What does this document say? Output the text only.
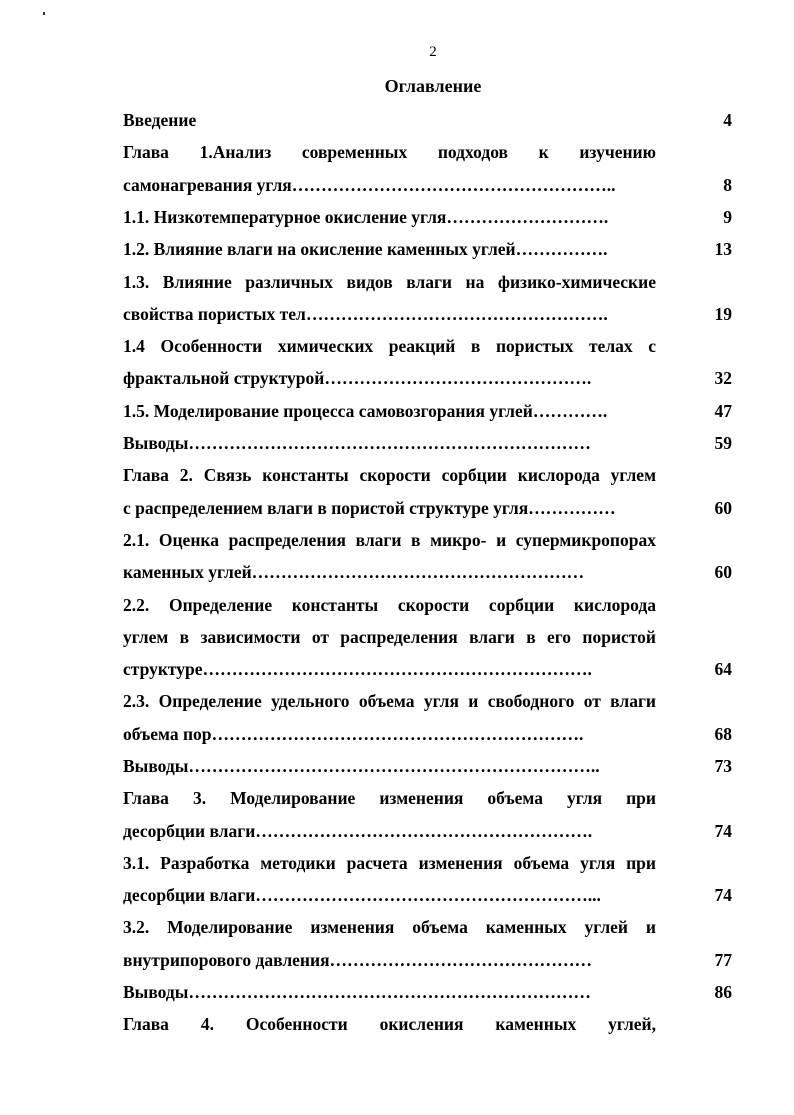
2
Оглавление
Введение	4
Глава 1.Анализ современных подходов к изучению
самонагревания угля………………………………………………..	8
1.1. Низкотемпературное окисление угля……………………….	9
1.2. Влияние влаги на окисление каменных углей…………….	13
1.3. Влияние различных видов влаги на физико-химические
свойства пористых тел…………………………………………….	19
1.4 Особенности химических реакций в пористых телах с
фрактальной структурой……………………………………….	32
1.5. Моделирование процесса самовозгорания углей………….	47
Выводы……………………………………………………………	59
Глава 2. Связь константы скорости сорбции кислорода углем
с распределением влаги в пористой структуре угля……………	60
2.1. Оценка распределения влаги в микро- и супермикропорах
каменных углей…………………………………………………	60
2.2. Определение константы скорости сорбции кислорода
углем в зависимости от распределения влаги в его пористой
структуре………………………………………………………….	64
2.3. Определение удельного объема угля и свободного от влаги
объема пор……………………………………………………….	68
Выводы……………………………………………………………..	73
Глава 3. Моделирование изменения объема угля при
десорбции влаги………………………………………………….	74
3.1. Разработка методики расчета изменения объема угля при
десорбции влаги…………………………………………………...	74
3.2. Моделирование изменения объема каменных углей и
внутрипорового давления………………………………………	77
Выводы……………………………………………………………	86
Глава 4. Особенности окисления каменных углей,
